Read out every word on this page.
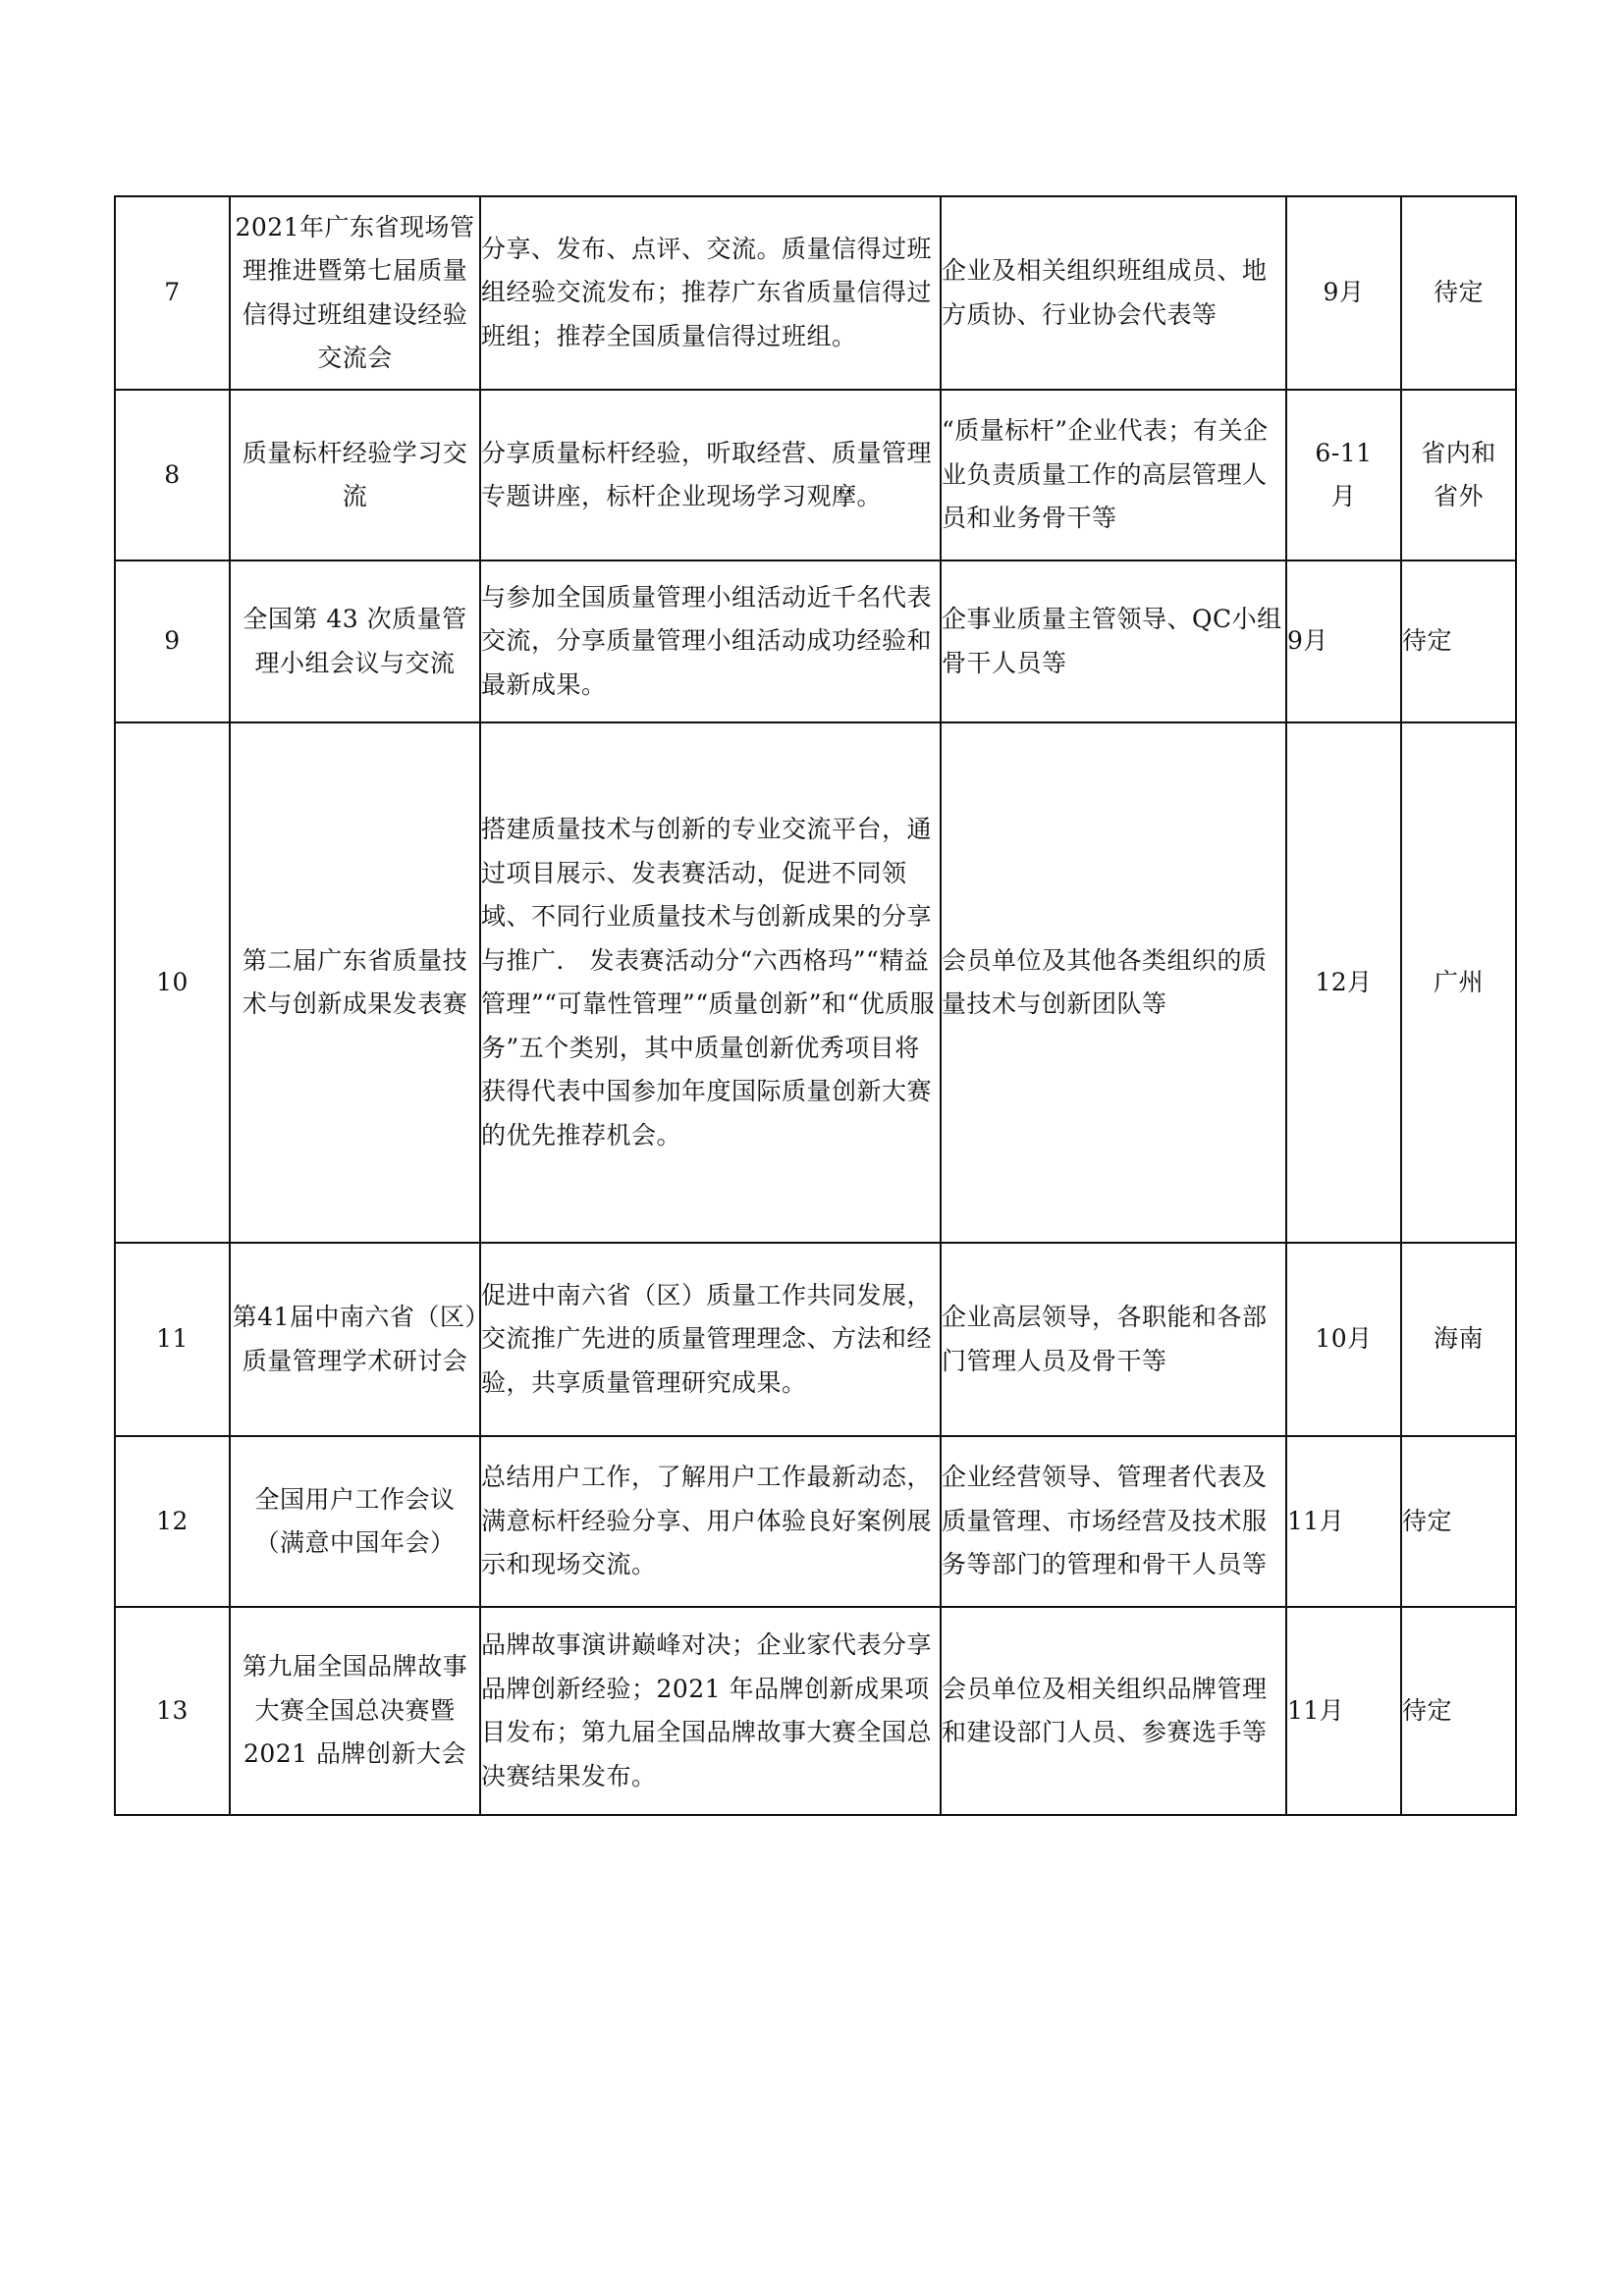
7	2021年广东省现场管理推进暨第七届质量信得过班组建设经验交流会	分享、发布、点评、交流。质量信得过班组经验交流发布；推荐广东省质量信得过班组；推荐全国质量信得过班组。	企业及相关组织班组成员、地方质协、行业协会代表等	9月	待定
8	质量标杆经验学习交流	分享质量标杆经验，听取经营、质量管理专题讲座，标杆企业现场学习观摩。	“质量标杆”企业代表；有关企业负责质量工作的高层管理人员和业务骨干等	6-11月	省内和省外
9	全国第 43 次质量管理小组会议与交流	与参加全国质量管理小组活动近千名代表交流，分享质量管理小组活动成功经验和最新成果。	企事业质量主管领导、QC小组骨干人员等	9月	待定
10	第二届广东省质量技术与创新成果发表赛	搭建质量技术与创新的专业交流平台，通过项目展示、发表赛活动，促进不同领域、不同行业质量技术与创新成果的分享与推广． 发表赛活动分“六西格玛”“精益管理”“可靠性管理”“质量创新”和“优质服务”五个类别，其中质量创新优秀项目将获得代表中国参加年度国际质量创新大赛的优先推荐机会。	会员单位及其他各类组织的质量技术与创新团队等	12月	广州
11	第41届中南六省（区）质量管理学术研讨会	促进中南六省（区）质量工作共同发展，交流推广先进的质量管理理念、方法和经验，共享质量管理研究成果。	企业高层领导，各职能和各部门管理人员及骨干等	10月	海南
12	全国用户工作会议（满意中国年会）	总结用户工作，了解用户工作最新动态，满意标杆经验分享、用户体验良好案例展示和现场交流。	企业经营领导、管理者代表及质量管理、市场经营及技术服务等部门的管理和骨干人员等	11月	待定
13	第九届全国品牌故事大赛全国总决赛暨 2021 品牌创新大会	品牌故事演讲巅峰对决；企业家代表分享品牌创新经验；2021 年品牌创新成果项目发布；第九届全国品牌故事大赛全国总决赛结果发布。	会员单位及相关组织品牌管理和建设部门人员、参赛选手等	11月	待定
